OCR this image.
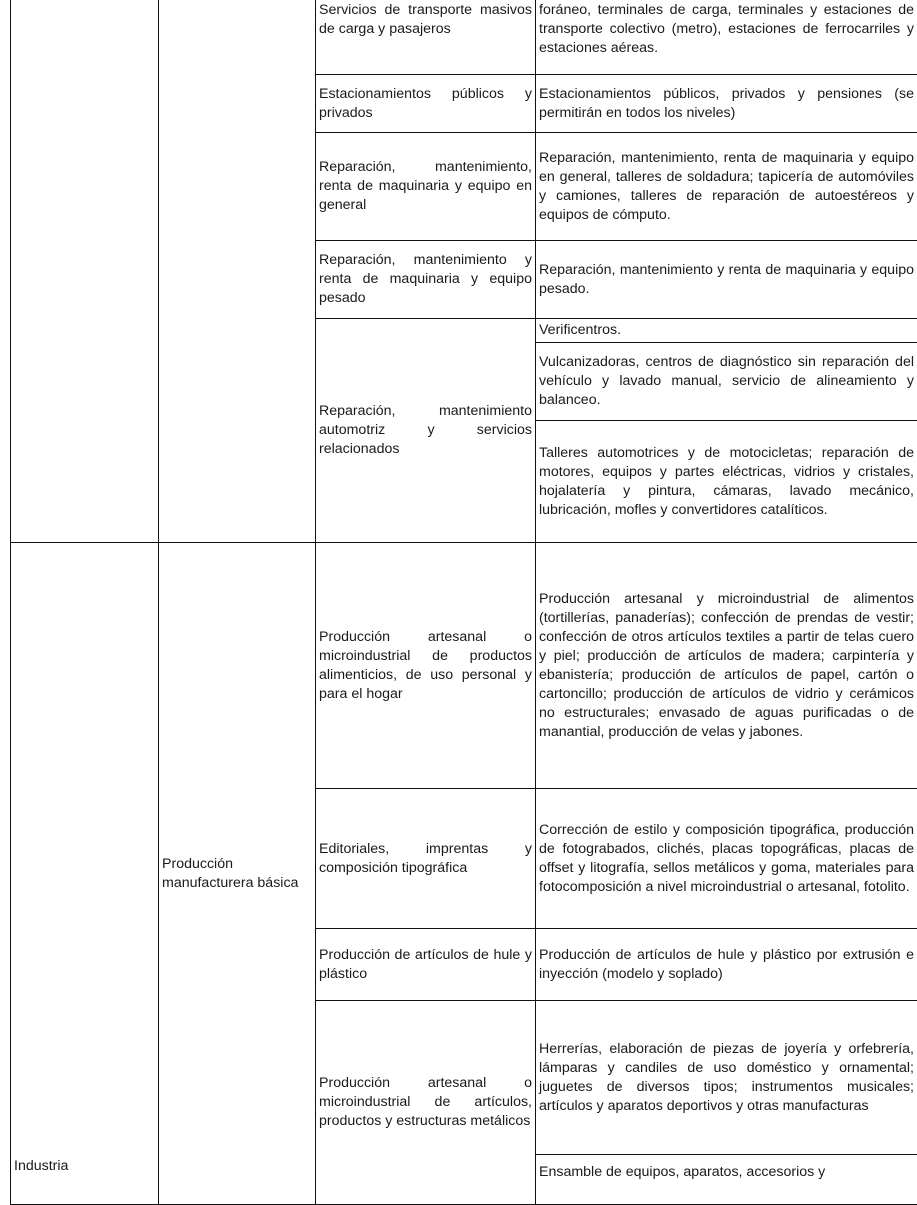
		Servicios de transporte masivos de carga y pasajeros	foráneo, terminales de carga, terminales y estaciones de transporte colectivo (metro), estaciones de ferrocarriles y estaciones aéreas.
		Estacionamientos públicos y privados	Estacionamientos públicos, privados y pensiones (se permitirán en todos los niveles)
		Reparación, mantenimiento, renta de maquinaria y equipo en general	Reparación, mantenimiento, renta de maquinaria y equipo en general, talleres de soldadura; tapicería de automóviles y camiones, talleres de reparación de autoestéreos y equipos de cómputo.
		Reparación, mantenimiento y renta de maquinaria y equipo pesado	Reparación, mantenimiento y renta de maquinaria y equipo pesado.
		Reparación, mantenimiento automotriz y servicios relacionados	Verificentros.
			Vulcanizadoras, centros de diagnóstico sin reparación del vehículo y lavado manual, servicio de alineamiento y balanceo.
			Talleres automotrices y de motocicletas; reparación de motores, equipos y partes eléctricas, vidrios y cristales, hojalatería y pintura, cámaras, lavado mecánico, lubricación, mofles y convertidores catalíticos.
Industria	Producción manufacturera básica	Producción artesanal o microindustrial de productos alimenticios, de uso personal y para el hogar	Producción artesanal y microindustrial de alimentos (tortillerías, panaderías); confección de prendas de vestir; confección de otros artículos textiles a partir de telas cuero y piel; producción de artículos de madera; carpintería y ebanistería; producción de artículos de papel, cartón o cartoncillo; producción de artículos de vidrio y cerámicos no estructurales; envasado de aguas purificadas o de manantial, producción de velas y jabones.
		Editoriales, imprentas y composición tipográfica	Corrección de estilo y composición tipográfica, producción de fotograbados, clichés, placas topográficas, placas de offset y litografía, sellos metálicos y goma, materiales para fotocomposición a nivel microindustrial o artesanal, fotolito.
		Producción de artículos de hule y plástico	Producción de artículos de hule y plástico por extrusión e inyección (modelo y soplado)
		Producción artesanal o microindustrial de artículos, productos y estructuras metálicos	Herrerías, elaboración de piezas de joyería y orfebrería, lámparas y candiles de uso doméstico y ornamental; juguetes de diversos tipos; instrumentos musicales; artículos y aparatos deportivos y otras manufacturas
			Ensamble de equipos, aparatos, accesorios y
